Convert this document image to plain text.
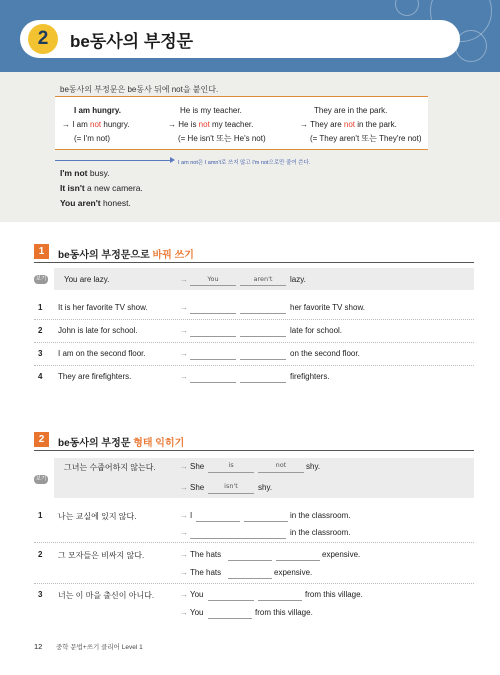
2	be동사의 부정문
be동사의 부정문은 be동사 뒤에 not을 붙인다.
I am hungry.
→ I am not hungry.
(= I'm not)
He is my teacher.
→ He is not my teacher.
(= He isn't 또는 He's not)
They are in the park.
→ They are not in the park.
(= They aren't 또는 They're not)
I am not은 I amn't로 쓰지 않고 I'm not으로만 줄여 쓴다.
I'm not busy.
It isn't a new camera.
You aren't honest.
1	be동사의 부정문으로 바꿔 쓰기
보기 You are lazy.	→	You	aren't	lazy.
1 It is her favorite TV show.	→	her favorite TV show.
2 John is late for school.	→	late for school.
3 I am on the second floor.	→	on the second floor.
4 They are firefighters.	→	firefighters.
2	be동사의 부정문 형태 익히기
보기
그녀는 수줍어하지 않는다.	→ She	is	not	shy.
→ She	isn't	shy.
1 나는 교실에 있지 않다.	→ I	in the classroom.
→	in the classroom.
2 그 모자들은 비싸지 않다.	→ The hats	expensive.
→ The hats	expensive.
3 너는 이 마을 출신이 아니다.	→ You	from this village.
→ You	from this village.
12 중학 문법+쓰기 클리어 Level 1
